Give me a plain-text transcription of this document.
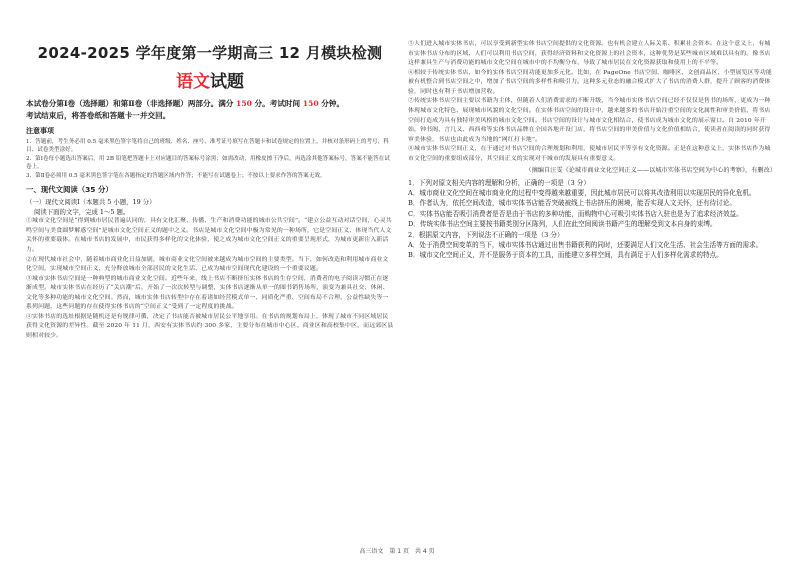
2024-2025 学年度第一学期高三 12 月模块检测
语文试题

本试卷分第Ⅰ卷（选择题）和第Ⅱ卷（非选择题）两部分。满分 150 分。考试时间 150 分钟。

考试结束后，将答卷纸和答题卡一并交回。

注意事项

1．答题前，考生务必用 0.5 毫米黑色签字笔将自己的班级、姓名、座号、准考证号填写在答题卡和试卷规定的位置上，并核对条形码上的考号、科目、试卷类型涂好。

2．第Ⅰ卷每小题选出答案后，用 2B 铅笔把答题卡上对应题目的答案标号涂黑；如需改动，用橡皮擦干净后，再选涂其他答案标号，答案不能答在试卷上。

3．第Ⅱ卷必须用 0.5 毫米黑色签字笔在各题指定的答题区域内作答；不能写在试题卷上；不按以上要求作答的答案无效。

一、现代文阅读（35 分）

（一）现代文阅读Ⅰ（本题共 5 小题，19 分）

阅读下面的文字，完成 1～5 题。

①城市文化空间是“得到城市居民普遍认同的，具有文化汇聚、传播、生产和消费功能的城市公共空间”。“建立公益互动对话空间，心灵共鸣空间与美食圆梦解惑空间”是城市文化空间正义的题中之义。书店是城市文化空间中极为常见的一种场所，它是空间正义、体现当代人文关怀的重要载体。在城市书店的发展中，市民获得多样化的文化体验，使之成为城市文化空间正义的重要呈现形式，为城市更新注入新活力。

②在现代城市社会中，随着城市商业化日益加剧，城市商业文化空间被来越成为城市空间的主要类型。当下，如何改造和利用城市商业文化空间，实现城市空间正义，充分释放城市全部居民的文化生活、已成为城市空间现代化建设的一个重要议题。

③城市实体书店空间是一种典型的城市商业文化空间。近些年来，线上书店不断挤压实体书店的生存空间，消费者的电子阅读习惯正在逐渐成型。城市实体书店在经历了“关店潮”后，开始了一次次转型与调整，实体书店逐渐从单一的图书销售场所，演变为兼具社交、休闲、文化等多种功能的城市文化空间。然而，城市实体书店转型中存在着诸如经营模式单一、同质化严重、空间布局不合理、公益性缺失等一系列问题，这些问题的存在使得实体书店的“空间正义”受到了一定程度的挑战。

④实体书店的选址根据是随机还是有规律可循，决定了书店能否被城市居民公平地享用。在书店的规划布局上，体现了城市不同区域居民获得文化资源的差异性。截至 2020 年 11 月，西安有实体书店约 300 多家，主要分布在城市中心区、商业区和高校集中区，而远郊区县则相对较少。

⑤人们进入城市实体书店，可以享受到新型实体书店空间提供的文化资源。也有机会建立人际关系、积累社会资本。在这个意义上，有城市实体书店分布的区域，人们可以利用书店空间，获得经济资料和文化资源上的社会资本，这种优势是某些城市区域难以具有的。像书店这样兼具生产与消费功能的城市文化空间在城市中的不均衡分布，导致了城市居民在文化资源获取和使用上的不平等。

⑥相较于传统实体书店，如今的实体书店空间功能更加多元化。比如，在 PageOne 书店空间，咖啡区、文创商品区、小型展览区等功能被有机整合到书店空间之中，增加了书店空间的多样性和吸引力。这种多元业态的融合模式扩大了书店的消费人群，提升了顾客的消费体验，同时也有利于书店增加营收。

⑦传统实体书店空间主要以书籍为主体，但随着人们消费需求的不断升级，当今城市实体书店空间已经不仅仅是售书的场所，更成为一种体现城市文化特色、展现城市风貌的文化空间。在实体书店空间的设计中，越来越多的书店开始注重空间的文化属性和审美价值，将书店空间打造成为具有独特审美风格的城市文化空间。书店空间的设计与城市文化相结合，使书店成为城市文化的展示窗口。自 2010 年开始，钟书阁、言几又、西西弗等实体书店品牌在全国各地开设门店，将书店空间的审美价值与文化价值相结合，使读者在阅读的同时获得审美体验，书店也由此成为当地的“网红打卡地”。

⑧城市实体书店空间正义，在于通过对书店空间的合理规划和利用，使城市居民平等享有文化资源。正是在这种意义上，实体书店作为城市文化空间的重要组成部分，其空间正义的实现对于城市的发展具有重要意义。

（摘编自汪雯《论城市商业文化空间正义——以城市实体书店空间为中心的考察》，有删改）

1．下列对原文相关内容的理解和分析，正确的一项是（3 分）

A．城市商业文化空间在城市商业化的过程中变得越来越重要，因此城市居民可以将其改造利用以实现居民的异化危机。

B．作者认为，依托空间改造，城市实体书店能否突破被线上书店挤压的困境，能否实现人文关怀，还有待讨论。

C．实体书店能否吸引消费者是否是由于书店的多种功能，而购物中心可吸引实体书店入驻也是为了追求经济效益。

D．传统实体书店空间主要按书籍类别分区陈列，人们在此空间阅读书籍产生的理解受到文本自身的束缚。

2．根据原文内容，下列说法不正确的一项是（3 分）

A．处于消费空间变革的当下，城市实体书店通过出售书籍获利的同时，还要满足人们文化生活、社会生活等方面的需求。

B．城市文化空间正义，并不是服务于资本的工具，而能建立多样空间，具有满足于人们多样化需求的特点。

高三语文　第 1 页　共 4 页
